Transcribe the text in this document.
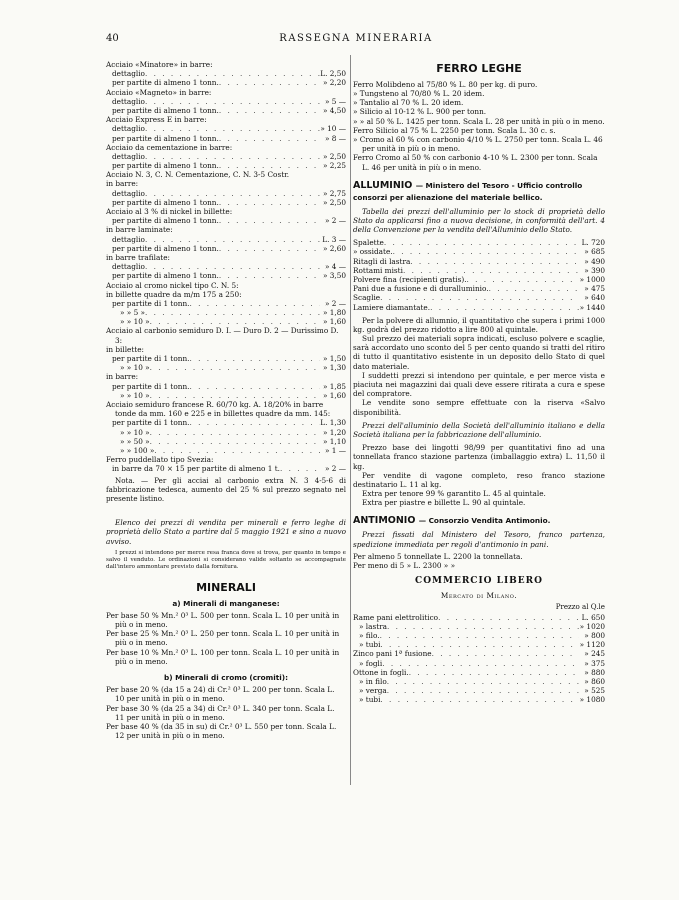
40	RASSEGNA MINERARIA
Acciaio «Minatore» in barre:
dettaglio . . .	L. 2,50
per partite di almeno 1 tonn. . . .	» 2,20
Acciaio «Magneto» in barre:
dettaglio . . .	» 5 —
per partite di almeno 1 tonn. . . .	» 4,50
Acciaio Express E in barre:
dettaglio . . .	» 10 —
per partite di almeno 1 tonn. . . .	» 8 —
Acciaio da cementazione in barre:
dettaglio . . .	» 2,50
per partite di almeno 1 tonn. . . .	» 2,25
Acciaio N. 3, C. N. Cementazione, C. N. 3-5 Costr.
in barre:
dettaglio . . .	» 2,75
per partite di almeno 1 tonn. . . .	» 2,50
Acciaio al 3 % di nickel in billette:
per partite di almeno 1 tonn. . . .	» 2 —
in barre laminate:
dettaglio . . .	L. 3 —
per partite di almeno 1 tonn. . . .	» 2,60
in barre trafilate:
dettaglio . . .	» 4 —
per partite di almeno 1 tonn. . . .	» 3,50
Acciaio al cromo nickel tipo C. N. 5:
in billette quadre da m/m 175 a 250:
per partite di 1 tonn. . . .	» 2 —
» » 5 » . . .	» 1,80
» » 10 » . . .	» 1,60
Acciaio al carbonio semiduro D. I. — Duro D. 2 — Durissimo D. 3:
in billette:
per partite di 1 tonn. . . .	» 1,50
» » 10 » . . .	» 1,30
in barre:
per partite di 1 tonn. . . .	» 1,85
» » 10 » . . .	» 1,60
Acciaio semiduro francese R. 60/70 kg. A. 18/20% in barre tonde da mm. 160 e 225 e in billettes quadre da mm. 145:
per partite di 1 tonn. . . .	L. 1,30
» » 10 » . . .	» 1,20
» » 50 » . . .	» 1,10
» » 100 » . . .	» 1 —
Ferro puddellato tipo Svezia:
in barre da 70 × 15 per partite di almeno 1 t. . . .	» 2 —
Nota. — Per gli acciai al carbonio extra N. 3 4-5-6 di fabbricazione tedesca, aumento del 25 % sul prezzo segnato nel presente listino.
Elenco dei prezzi di vendita per minerali e ferro leghe di proprietà dello Stato a partire dal 5 maggio 1921 e sino a nuovo avviso.
I prezzi si intendono per merce resa franca dove si trova, per quanto in tempo e salvo il venduto. Le ordinazioni si considerano valide soltanto se accompagnate dall'intero ammontare previsto dalla fornitura.
MINERALI
a) Minerali di manganese:
Per base 50 % Mn.² 0³ L. 500 per tonn. Scala L. 10 per unità in più o in meno.
Per base 25 % Mn.² 0³ L. 250 per tonn. Scala L. 10 per unità in più o in meno.
Per base 10 % Mn.² 0³ L. 100 per tonn. Scala L. 10 per unità in più o in meno.
b) Minerali di cromo (cromiti):
Per base 20 % (da 15 a 24) di Cr.² 0³ L. 200 per tonn. Scala L. 10 per unità in più o in meno.
Per base 30 % (da 25 a 34) di Cr.² 0³ L. 340 per tonn. Scala L. 11 per unità in più o in meno.
Per base 40 % (da 35 in su) di Cr.² 0³ L. 550 per tonn. Scala L. 12 per unità in più o in meno.
FERRO LEGHE
Ferro Molibdeno al 75/80 % L. 80 per kg. di puro.
» Tungsteno al 70/80 % L. 20 idem.
» Tantalio al 70 % L. 20 idem.
» Silicio al 10-12 % L. 900 per tonn.
» » al 50 % L. 1425 per tonn. Scala L. 28 per unità in più o in meno.
Ferro Silicio al 75 % L. 2250 per tonn. Scala L. 30 c. s.
» Cromo al 60 % con carbonio 4/10 % L. 2750 per tonn. Scala L. 46 per unità in più o in meno.
Ferro Cromo al 50 % con carbonio 4-10 % L. 2300 per tonn. Scala L. 46 per unità in più o in meno.
ALLUMINIO — Ministero del Tesoro - Ufficio controllo consorzi per alienazione del materiale bellico.
Tabella dei prezzi dell'alluminio per lo stock di proprietà dello Stato da applicarsi fino a nuova decisione, in conformità dell'art. 4 della Convenzione per la vendita dell'Alluminio dello Stato.
Spalette . . .	L. 720
» ossidate. . . .	» 685
Ritagli di lastra . . .	» 490
Rottami misti . . .	» 390
Polvere fina (recipienti gratis). . . .	» 1000
Pani due a fusione e di duralluminio. . . .	» 475
Scaglie . . .	» 640
Lamiere diamantate. . . .	» 1440
Per la polvere di allumnio, il quantitativo che supera i primi 1000 kg. godrà del prezzo ridotto a lire 800 al quintale.
Sul prezzo dei materiali sopra indicati, escluso polvere e scaglie, sarà accordato uno sconto del 5 per cento quando si tratti del ritiro di tutto il quantitativo esistente in un deposito dello Stato di quel dato materiale.
I suddetti prezzi si intendono per quintale, e per merce vista e piaciuta nei magazzini dai quali deve essere ritirata a cura e spese del compratore.
Le vendite sono sempre effettuate con la riserva «Salvo disponibilità.
Prezzi dell'alluminio della Società dell'alluminio italiano e della Società italiana per la fabbricazione dell'alluminio.
Prezzo base dei lingotti 98/99 per quantitativi fino ad una tonnellata franco stazione partenza (imballaggio extra) L. 11,50 il kg.
Per vendite di vagone completo, reso franco stazione destinatario L. 11 al kg.
Extra per tenore 99 % garantito L. 45 al quintale.
Extra per piastre e billette L. 90 al quintale.
ANTIMONIO — Consorzio Vendita Antimonio.
Prezzi fissati dal Ministero del Tesoro, franco partenza, spedizione immediata per regoli d'antimonio in pani.
Per almeno 5 tonnellate L. 2200 la tonnellata.
Per meno di 5 » L. 2300 » »
COMMERCIO LIBERO
Mercato di Milano.
Prezzo al Q.le
Rame pani elettrolitico . . .	L. 650
» lastra . . .	» 1020
» filo. . . .	» 800
» tubi . . .	» 1120
Zinco pani 1ª fusione . . .	» 245
» fogli . . .	» 375
Ottone in fogli. . . .	» 880
» in filo . . .	» 860
» verga . . .	» 525
» tubi . . .	» 1080
